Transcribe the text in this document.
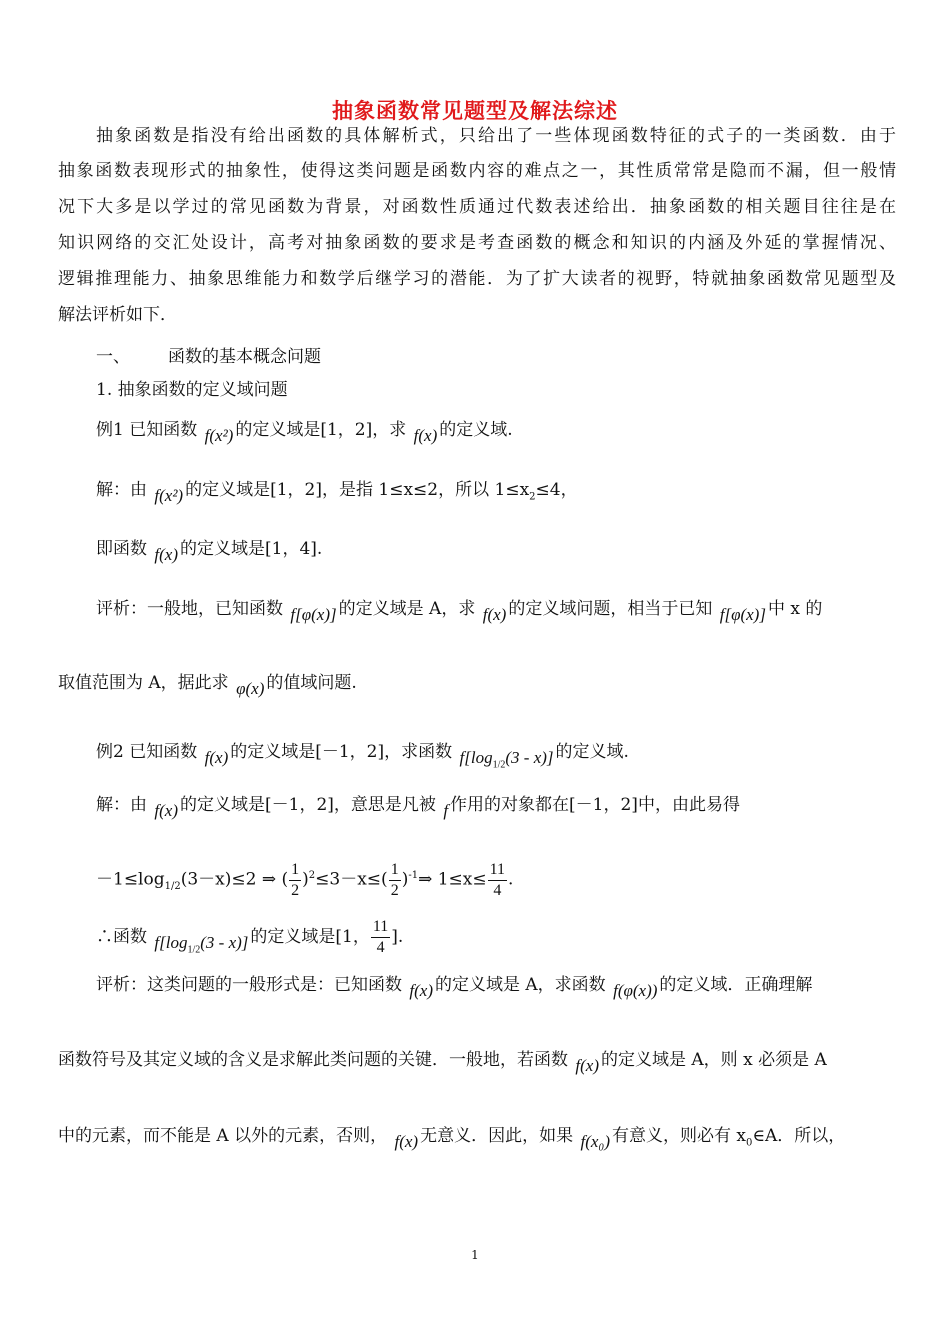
抽象函数常见题型及解法综述
抽象函数是指没有给出函数的具体解析式，只给出了一些体现函数特征的式子的一类函数．由于
抽象函数表现形式的抽象性，使得这类问题是函数内容的难点之一，其性质常常是隐而不漏，但一般情
况下大多是以学过的常见函数为背景，对函数性质通过代数表述给出．抽象函数的相关题目往往是在
知识网络的交汇处设计，高考对抽象函数的要求是考查函数的概念和知识的内涵及外延的掌握情况、
逻辑推理能力、抽象思维能力和数学后继学习的潜能．为了扩大读者的视野，特就抽象函数常见题型及
解法评析如下．
一、 函数的基本概念问题
1. 抽象函数的定义域问题
例1 已知函数 f(x²) 的定义域是[1，2]，求 f(x) 的定义域.
解：由 f(x²) 的定义域是[1，2]，是指 1≤x≤2，所以 $1\le x_2\le 4$，
即函数 f(x) 的定义域是[1，4].
评析：一般地，已知函数 f[φ(x)] 的定义域是 A，求 f(x) 的定义域问题，相当于已知 f[φ(x)] 中 x 的
取值范围为 A，据此求 φ(x) 的值域问题.
例2 已知函数 f(x) 的定义域是[－1，2]，求函数 $f[\log_{1/2}(3 - x)]$ 的定义域.
解：由 f(x) 的定义域是[－1，2]，意思是凡被 f 作用的对象都在[－1，2]中，由此易得
$-1\le\log_{1/2}(3-x)\le 2$ ⇒ ( $\frac{1}{2} )^2\le 3-x\le( \frac{1}{2}$ )$^{-1}\Rightarrow$ $1\le x\le \frac{11}{4}$ .
∴函数 $f[\log_{1/2}(3 - x)]$ 的定义域是[1， $\frac{11}{4}$ ].
评析：这类问题的一般形式是：已知函数 f(x) 的定义域是 A，求函数 f(φ(x)) 的定义域．正确理解
函数符号及其定义域的含义是求解此类问题的关键．一般地，若函数 f(x) 的定义域是 A，则 x 必须是 A
中的元素，而不能是 A 以外的元素，否则， f(x) 无意义．因此，如果 f(x₀) 有意义，则必有 $x_0\in A$．所以，
1
